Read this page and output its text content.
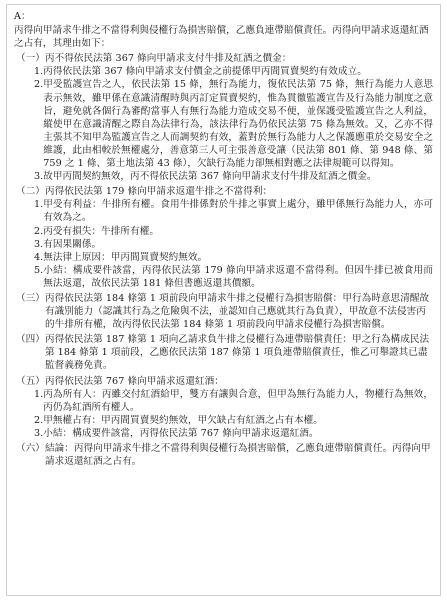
A：

丙得向甲請求牛排之不當得利與侵權行為損害賠償，乙應負連帶賠償責任。丙得向甲請求返還紅酒之占有，其理由如下：

（一） 丙不得依民法第 367 條向甲請求支付牛排及紅酒之價金：
1. 丙得依民法第 367 條向甲請求支付價金之前提係甲丙間買賣契約有效成立。
2. 甲受監護宣告之人，依民法第 15 條，無行為能力，復依民法第 75 條，無行為能力人意思表示無效，雖甲係在意識清醒時與丙訂定買賣契約，惟為貫徹監護宣告及行為能力制度之意旨，避免就各個行為審酌當事人有無行為能力造成交易不便，並保護受監護宣告之人利益，縱使甲在意識清醒之際自為法律行為，該法律行為仍依民法第 75 條為無效。又，乙亦不得主張其不知甲為監護宣告之人而調契約有效，蓋對於無行為能力人之保護應重於交易安全之維護，此由相較於無權處分，善意第三人可主張善意受讓（民法第 801 條、第 948 條、第 759 之 1 條、第土地法第 43 條），欠缺行為能力卻無相對應之法律規範可以得知。
3. 故甲丙間契約無效，丙不得依民法第 367 條向甲請求支付牛排及紅酒之價金。
（二） 丙得依民法第 179 條向甲請求返還牛排之不當得利：
1. 甲受有利益：牛排所有權。食用牛排係對於牛排之事實上處分，雖甲係無行為能力人，亦可有效為之。
2. 丙受有損失：牛排所有權。
3. 有因果關係。
4. 無法律上原因：甲丙間買賣契約無效。
5. 小結：構成要件該當，丙得依民法第 179 條向甲請求返還不當得利。但因牛排已被食用而無法返還，故依民法第 181 條但書應返還其價額。
（三） 丙得依民法第 184 條第 1 項前段向甲請求牛排之侵權行為損害賠償：甲行為時意思清醒故有識別能力（認識其行為之危險與不法，並認知自己應就其行為負責），甲故意不法侵害丙的牛排所有權，故丙得依民法第 184 條第 1 項前段向甲請求侵權行為損害賠償。
（四） 丙得依民法第 187 條第 1 項向乙請求負牛排之侵權行為連帶賠償責任：甲之行為構成民法第 184 條第 1 項前段，乙應依民法第 187 條第 1 項負連帶賠償責任，惟乙可舉證其已盡監督義務免責。
（五） 丙得依民法第 767 條向甲請求返還紅酒：
1. 丙為所有人：丙雖交付紅酒給甲，雙方有讓與合意，但甲為無行為能力人，物權行為無效，丙仍為紅酒所有權人。
2. 甲無權占有：甲丙間買賣契約無效，甲欠缺占有紅酒之占有本權。
3. 小結：構成要件該當，丙得依民法第 767 條向甲請求返還紅酒。
（六） 結論：丙得向甲請求牛排之不當得利與侵權行為損害賠償，乙應負連帶賠償責任。丙得向甲請求返還紅酒之占有。
